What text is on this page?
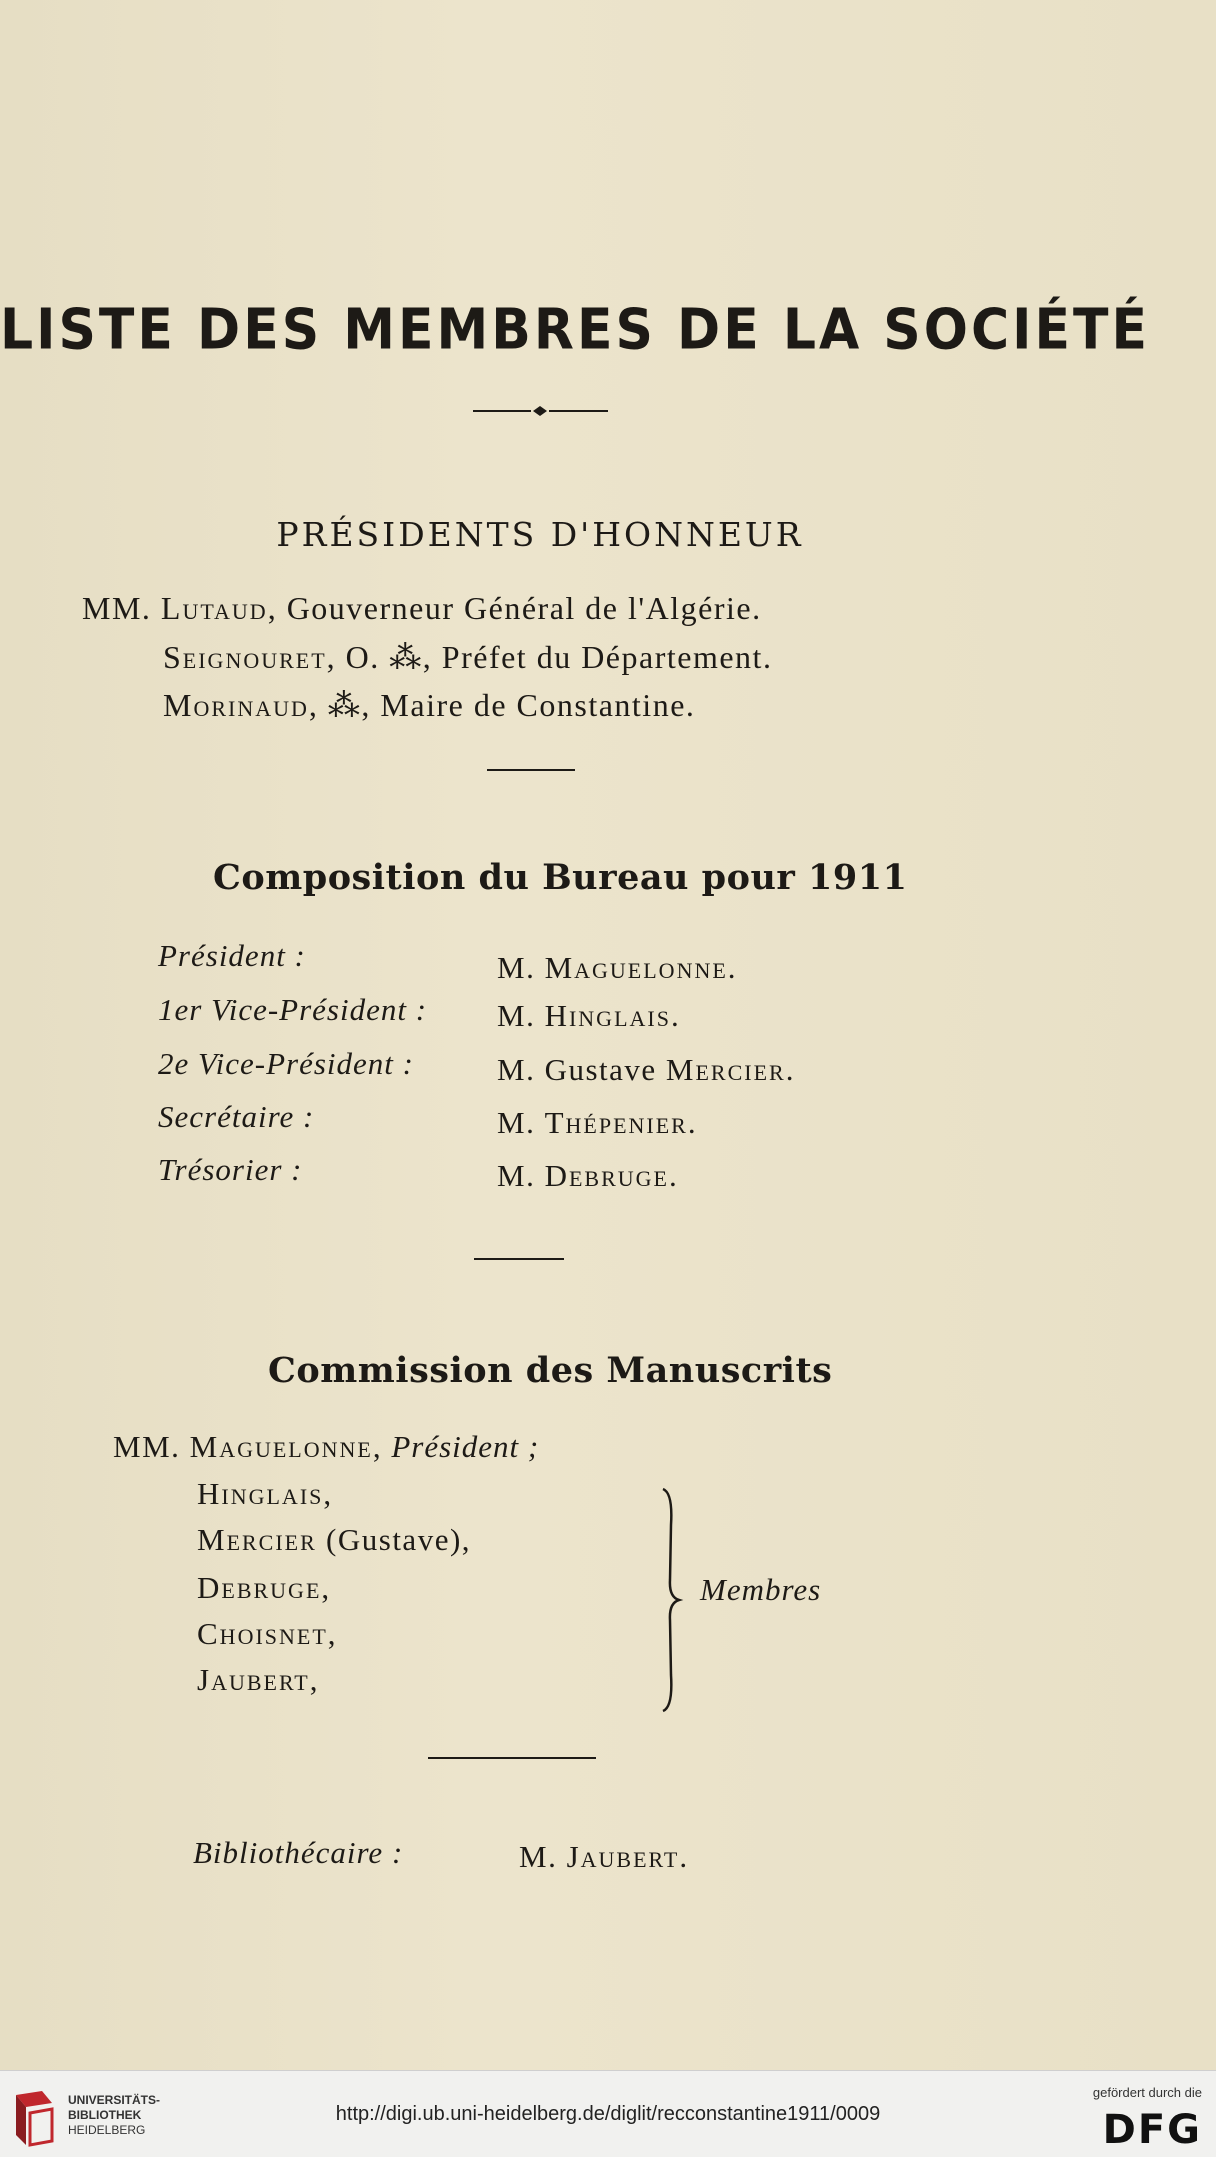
LISTE DES MEMBRES DE LA SOCIÉTÉ
PRÉSIDENTS D'HONNEUR
MM. Lutaud, Gouverneur Général de l'Algérie.
Seignouret, O. ⁂, Préfet du Département.
Morinaud, ⁂, Maire de Constantine.
Composition du Bureau pour 1911
Président :	M. Maguelonne.
1er Vice-Président : M. Hinglais.
2e Vice-Président :	M. Gustave Mercier.
Secrétaire :	M. Thépenier.
Trésorier :	M. Debruge.
Commission des Manuscrits
MM. Maguelonne, Président ;
Hinglais,
Mercier (Gustave),
Debruge,
Choisnet,
Jaubert,
Membres
Bibliothécaire :	M. Jaubert.
UNIVERSITÄTS-
BIBLIOTHEK
HEIDELBERG
http://digi.ub.uni-heidelberg.de/diglit/recconstantine1911/0009
gefördert durch die
DFG
